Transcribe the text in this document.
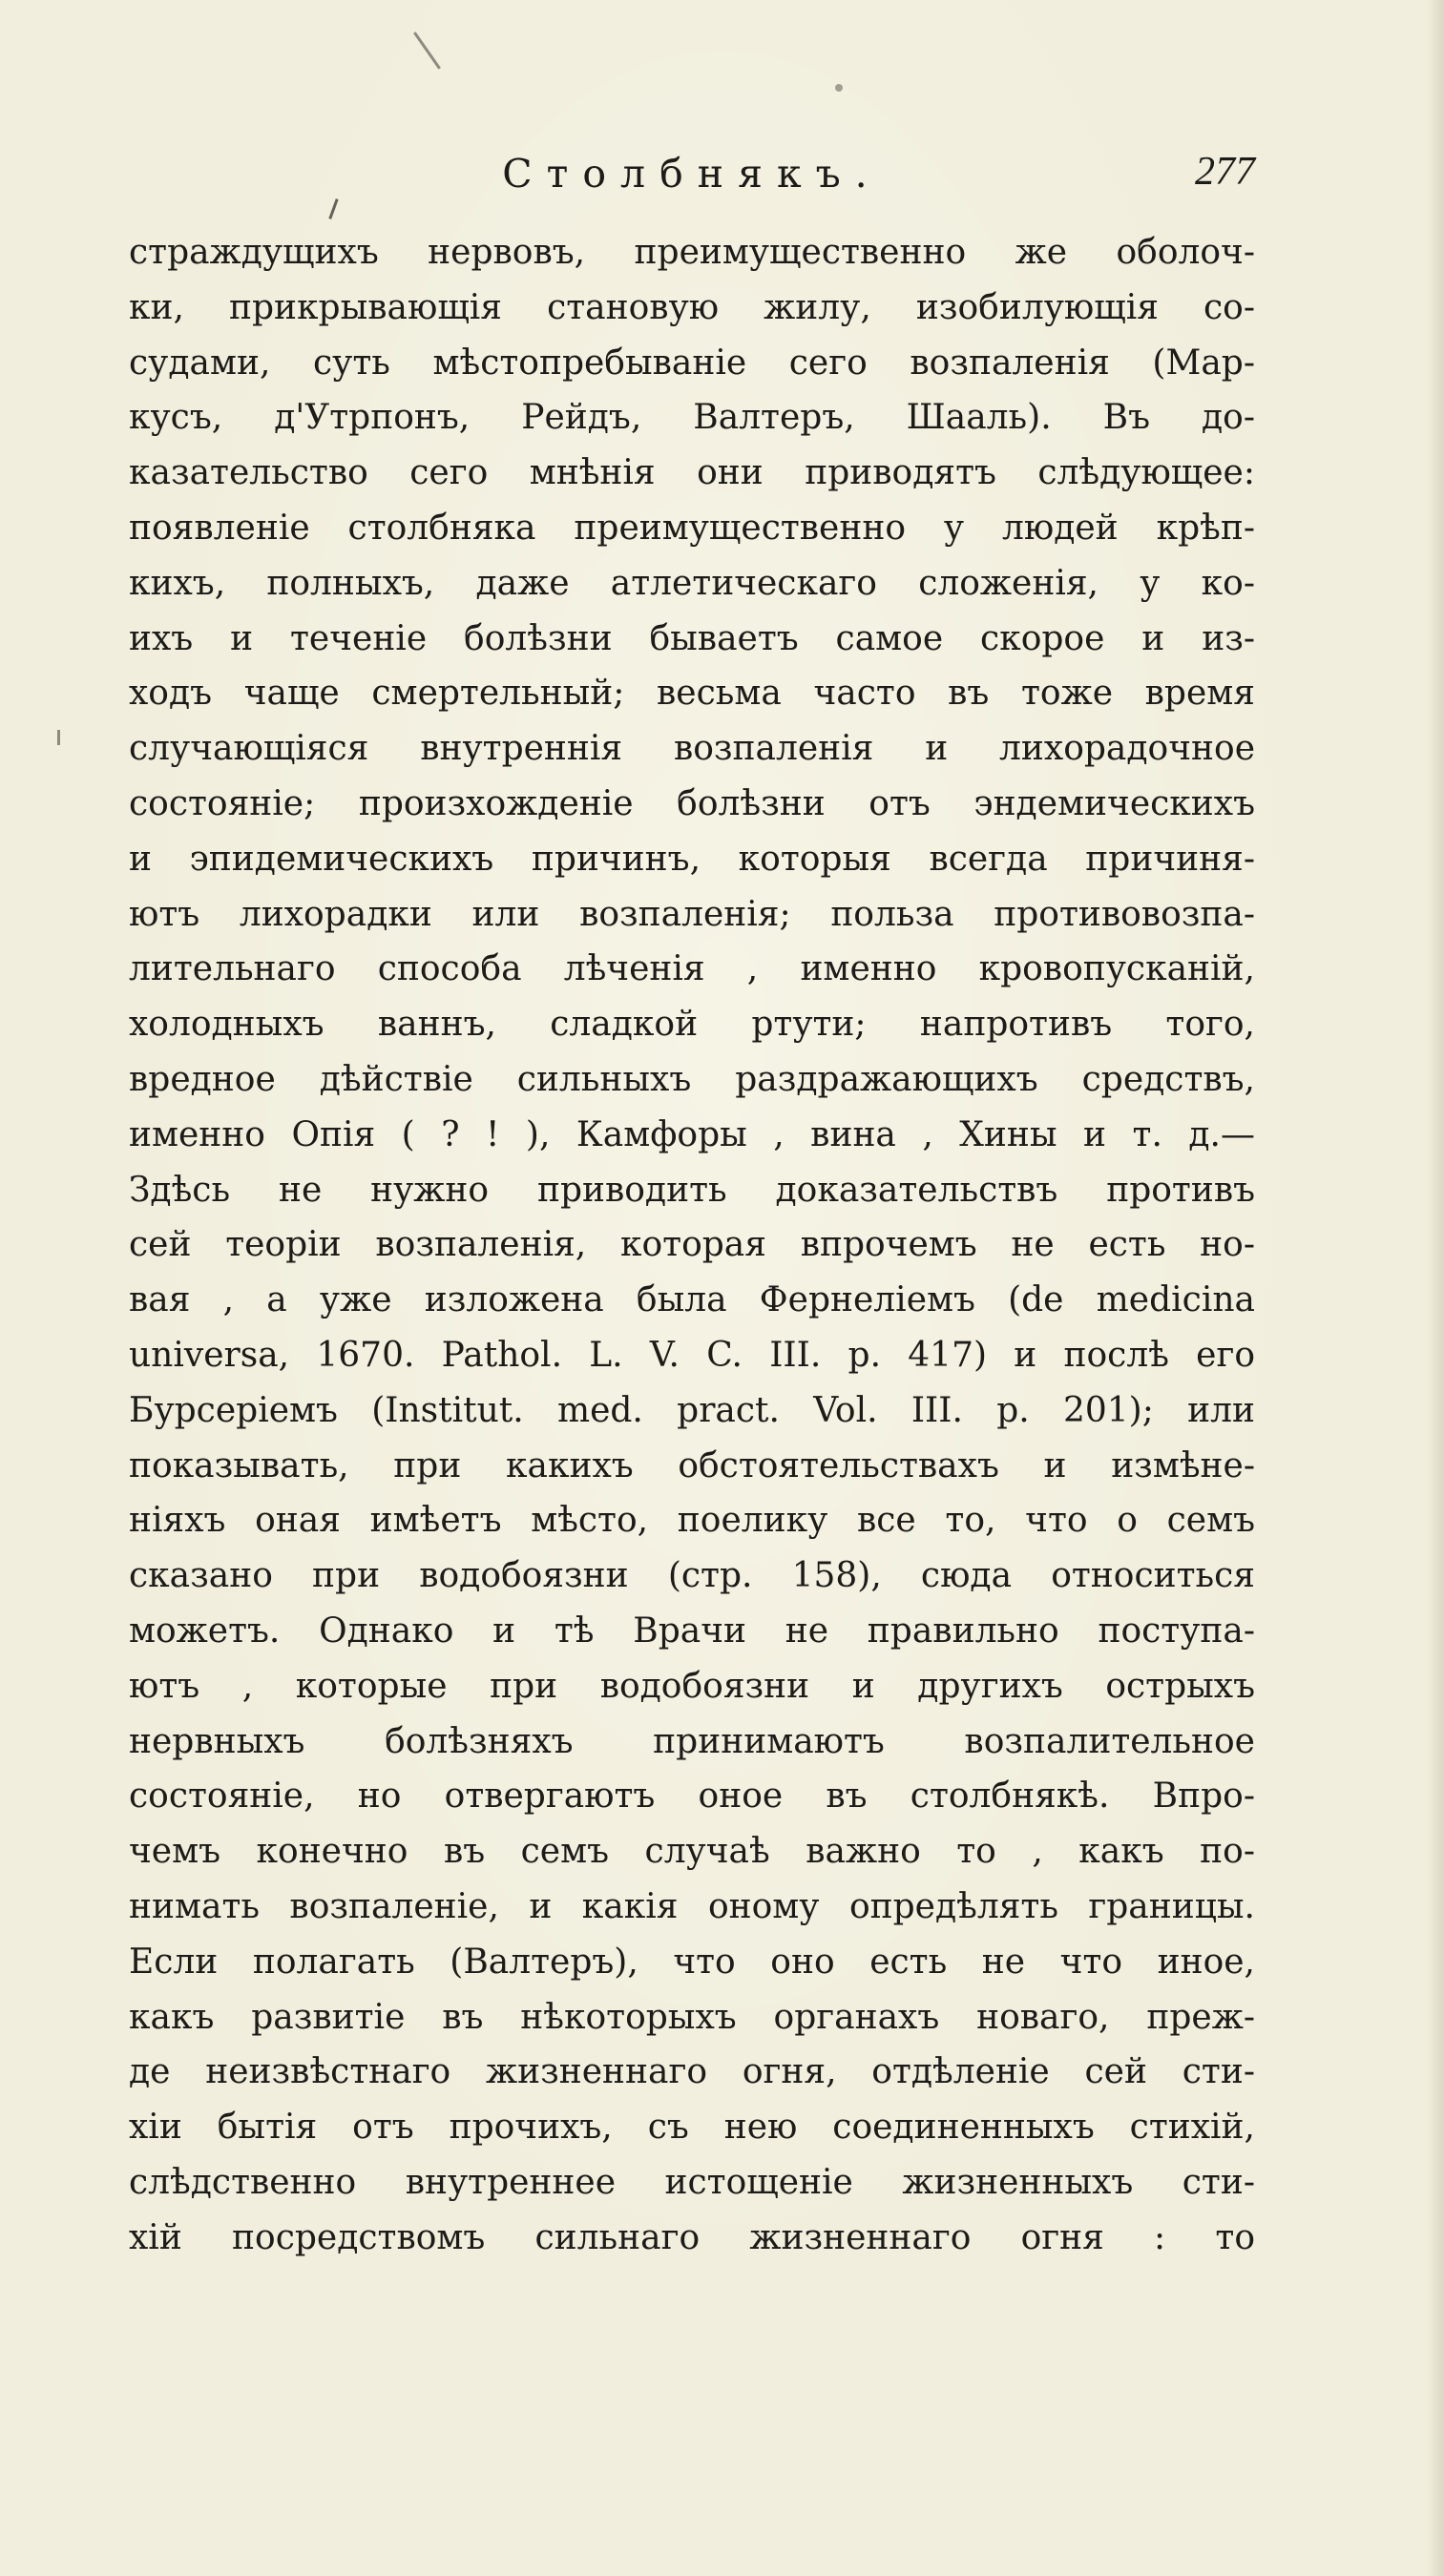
Столбнякъ.	277
страждущихъ нервовъ, преимущественно же оболоч-
ки, прикрывающія становую жилу, изобилующія со-
судами, суть мѣстопребываніе сего возпаленія (Мар-
кусъ, д'Утрпонъ, Рейдъ, Валтеръ, Шааль). Въ до-
казательство сего мнѣнія они приводятъ слѣдующее:
появленіе столбняка преимущественно у людей крѣп-
кихъ, полныхъ, даже атлетическаго сложенія, у ко-
ихъ и теченіе болѣзни бываетъ самое скорое и из-
ходъ чаще смертельный; весьма часто въ тоже время
случающіяся внутреннія возпаленія и лихорадочное
состояніе; произхожденіе болѣзни отъ эндемическихъ
и эпидемическихъ причинъ, которыя всегда причиня-
ютъ лихорадки или возпаленія; польза противовозпа-
лительнаго способа лѣченія , именно кровопусканій,
холодныхъ ваннъ, сладкой ртути; напротивъ того,
вредное дѣйствіе сильныхъ раздражающихъ средствъ,
именно Опія ( ? ! ), Камфоры , вина , Хины и т. д.—
Здѣсь не нужно приводить доказательствъ противъ
сей теоріи возпаленія, которая впрочемъ не есть но-
вая , а уже изложена была Фернеліемъ (de medicina
universa, 1670. Pathol. L. V. C. III. p. 417) и послѣ его
Бурсеріемъ (Institut. med. pract. Vol. III. p. 201); или
показывать, при какихъ обстоятельствахъ и измѣне-
ніяхъ оная имѣетъ мѣсто, поелику все то, что о семъ
сказано при водобоязни (стр. 158), сюда относиться
можетъ. Однако и тѣ Врачи не правильно поступа-
ютъ , которые при водобоязни и другихъ острыхъ
нервныхъ болѣзняхъ принимаютъ возпалительное
состояніе, но отвергаютъ оное въ столбнякѣ. Впро-
чемъ конечно въ семъ случаѣ важно то , какъ по-
нимать возпаленіе, и какія оному опредѣлять границы.
Если полагать (Валтеръ), что оно есть не что иное,
какъ развитіе въ нѣкоторыхъ органахъ новаго, преж-
де неизвѣстнаго жизненнаго огня, отдѣленіе сей сти-
хіи бытія отъ прочихъ, съ нею соединенныхъ стихій,
слѣдственно внутреннее истощеніе жизненныхъ сти-
хій посредствомъ сильнаго жизненнаго огня : то
